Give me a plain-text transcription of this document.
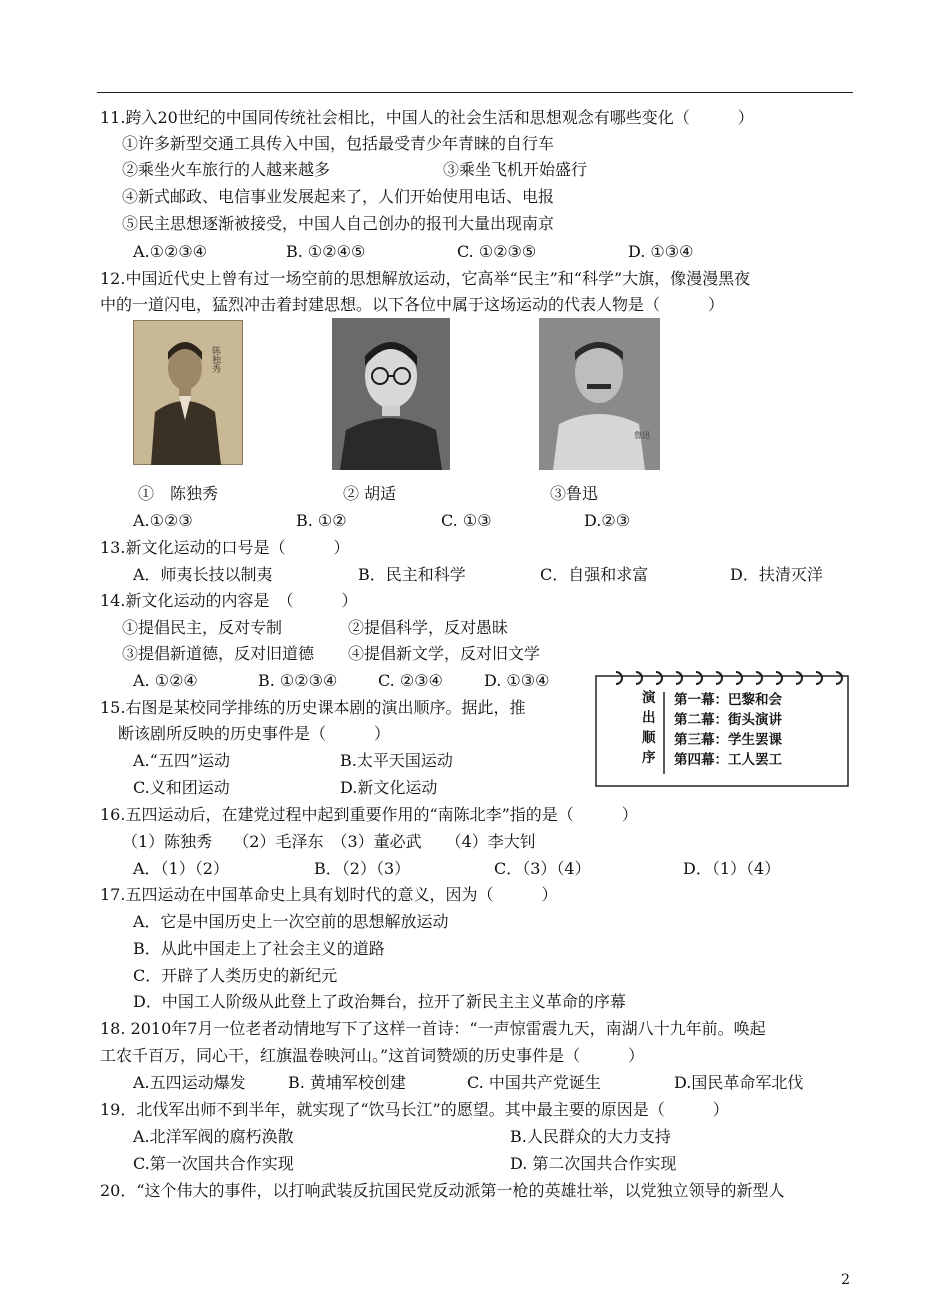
11.跨入20世纪的中国同传统社会相比，中国人的社会生活和思想观念有哪些变化（　　　）
①许多新型交通工具传入中国，包括最受青少年青睐的自行车
②乘坐火车旅行的人越来越多	③乘坐飞机开始盛行
④新式邮政、电信事业发展起来了，人们开始使用电话、电报
⑤民主思想逐渐被接受，中国人自己创办的报刊大量出现南京
A.①②③④	B. ①②④⑤	C. ①②③⑤	D. ①③④
12.中国近代史上曾有过一场空前的思想解放运动，它高举“民主”和“科学”大旗，像漫漫黑夜
中的一道闪电，猛烈冲击着封建思想。以下各位中属于这场运动的代表人物是（　　　）
陈独秀
鲁迅
①　陈独秀	② 胡适	③鲁迅
A.①②③	B. ①②	C. ①③	D.②③
13.新文化运动的口号是（　　　）
A．师夷长技以制夷	B．民主和科学	C．自强和求富	D．扶清灭洋
14.新文化运动的内容是　（　　　）
①提倡民主，反对专制	②提倡科学，反对愚昧
③提倡新道德，反对旧道德 ④提倡新文学，反对旧文学
A. ①②④	B. ①②③④	C. ②③④	D. ①③④
演出顺序
第一幕：巴黎和会
第二幕：街头演讲
第三幕：学生罢课
第四幕：工人罢工
15.右图是某校同学排练的历史课本剧的演出顺序。据此，推
断该剧所反映的历史事件是（　　　）
A.“五四”运动	B.太平天国运动
C.义和团运动	D.新文化运动
16.五四运动后，在建党过程中起到重要作用的“南陈北李”指的是（　　　）
（1）陈独秀　 （2）毛泽东　（3）董必武　　（4）李大钊
A．（1）（2）	B．（2）（3）	C．（3）（4）	D．（1）（4）
17.五四运动在中国革命史上具有划时代的意义，因为（　　　）
A．它是中国历史上一次空前的思想解放运动
B．从此中国走上了社会主义的道路
C．开辟了人类历史的新纪元
D．中国工人阶级从此登上了政治舞台，拉开了新民主主义革命的序幕
18. 2010年7月一位老者动情地写下了这样一首诗：“一声惊雷震九天，南湖八十九年前。唤起
工农千百万，同心干，红旗温卷映河山。”这首词赞颂的历史事件是（　　　）
A.五四运动爆发	B. 黄埔军校创建	C. 中国共产党诞生	D.国民革命军北伐
19．北伐军出师不到半年，就实现了“饮马长江”的愿望。其中最主要的原因是（　　　）
A.北洋军阀的腐朽涣散	B.人民群众的大力支持
C.第一次国共合作实现	D. 第二次国共合作实现
20．“这个伟大的事件，以打响武装反抗国民党反动派第一枪的英雄壮举，以党独立领导的新型人
2
